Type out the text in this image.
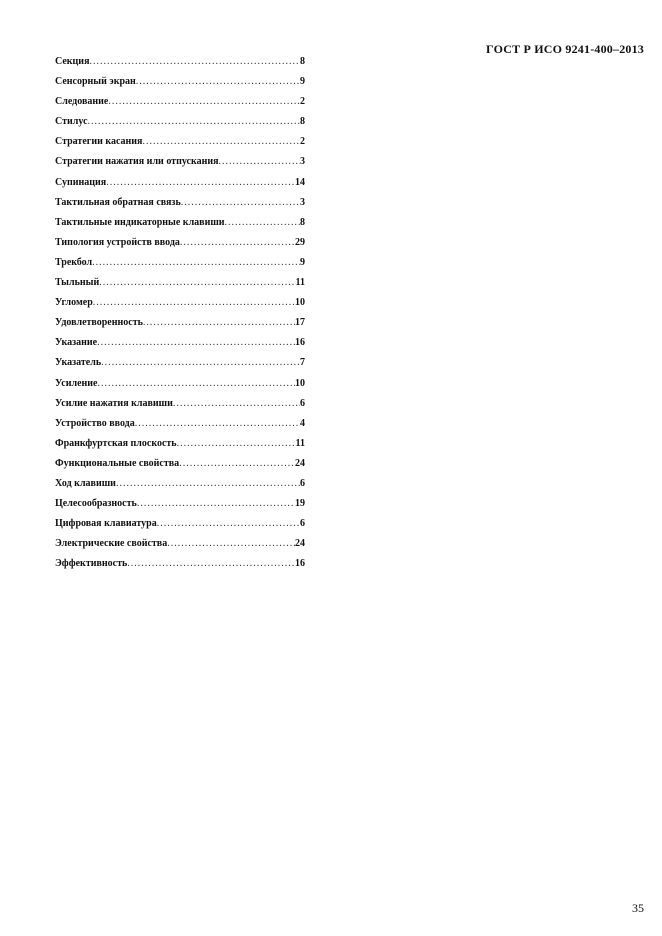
ГОСТ Р ИСО 9241-400–2013
Секция .....	8
Сенсорный экран .....	9
Следование .....	2
Стилус .....	8
Стратегии касания .....	2
Стратегии нажатия или отпускания .....	3
Супинация .....	14
Тактильная обратная связь .....	3
Тактильные индикаторные клавиши .....	8
Типология устройств ввода .....	29
Трекбол .....	9
Тыльный .....	11
Угломер .....	10
Удовлетворенность .....	17
Указание .....	16
Указатель .....	7
Усиление .....	10
Усилие нажатия клавиши .....	6
Устройство ввода .....	4
Франкфуртская плоскость .....	11
Функциональные свойства .....	24
Ход клавиши .....	6
Целесообразность .....	19
Цифровая клавиатура .....	6
Электрические свойства .....	24
Эффективность .....	16
35
